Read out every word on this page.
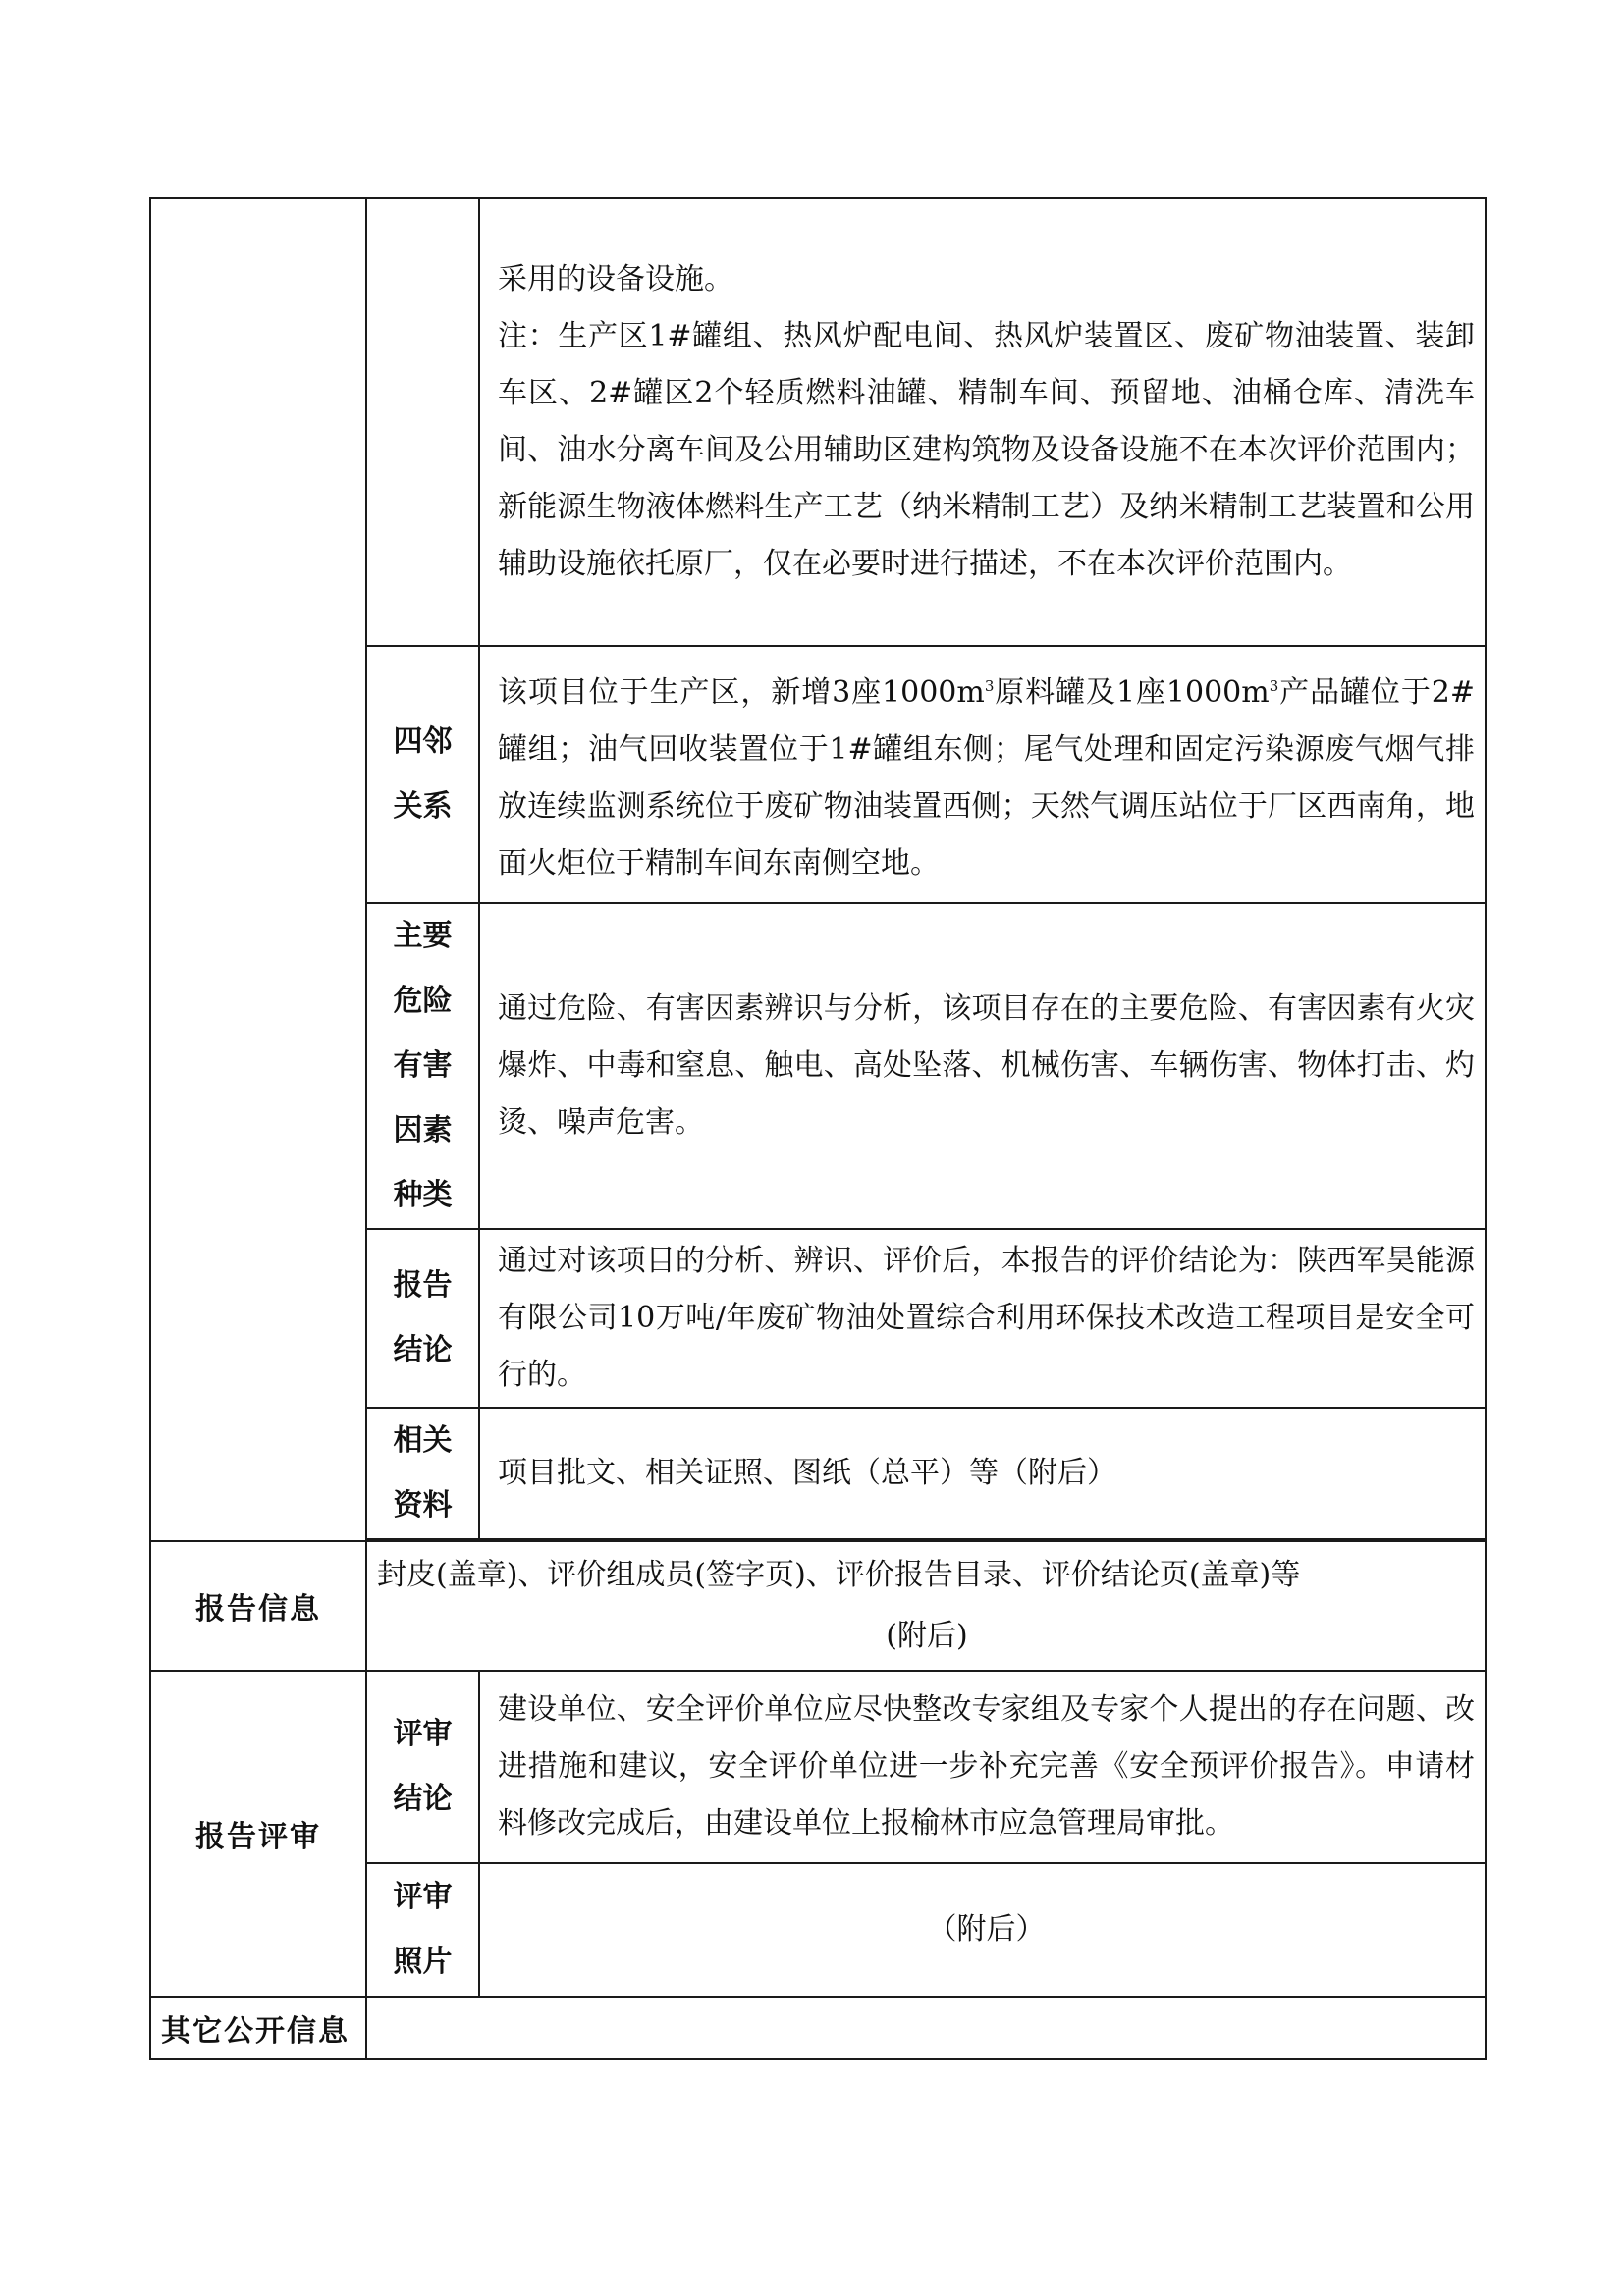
		采用的设备设施。

注：生产区1#罐组、热风炉配电间、热风炉装置区、废矿物油装置、装卸车区、2#罐区2个轻质燃料油罐、精制车间、预留地、油桶仓库、清洗车间、油水分离车间及公用辅助区建构筑物及设备设施不在本次评价范围内；新能源生物液体燃料生产工艺（纳米精制工艺）及纳米精制工艺装置和公用辅助设施依托原厂，仅在必要时进行描述，不在本次评价范围内。

	四邻
关系	该项目位于生产区，新增3座$1000m^3$原料罐及1座$1000m^3$产品罐位于2#罐组；油气回收装置位于1#罐组东侧；尾气处理和固定污染源废气烟气排放连续监测系统位于废矿物油装置西侧；天然气调压站位于厂区西南角，地面火炬位于精制车间东南侧空地。

	主要
危险
有害
因素
种类	通过危险、有害因素辨识与分析，该项目存在的主要危险、有害因素有火灾爆炸、中毒和窒息、触电、高处坠落、机械伤害、车辆伤害、物体打击、灼烫、噪声危害。

	报告
结论	通过对该项目的分析、辨识、评价后，本报告的评价结论为：陕西军昊能源有限公司10万吨/年废矿物油处置综合利用环保技术改造工程项目是安全可行的。

	相关
资料	项目批文、相关证照、图纸（总平）等（附后）

报告信息	封皮(盖章)、评价组成员(签字页)、评价报告目录、评价结论页(盖章)等
(附后)	

报告评审	评审
结论	建设单位、安全评价单位应尽快整改专家组及专家个人提出的存在问题、改进措施和建议，安全评价单位进一步补充完善《安全预评价报告》。申请材料修改完成后，由建设单位上报榆林市应急管理局审批。

	评审
照片	（附后）
其它公开信息		
